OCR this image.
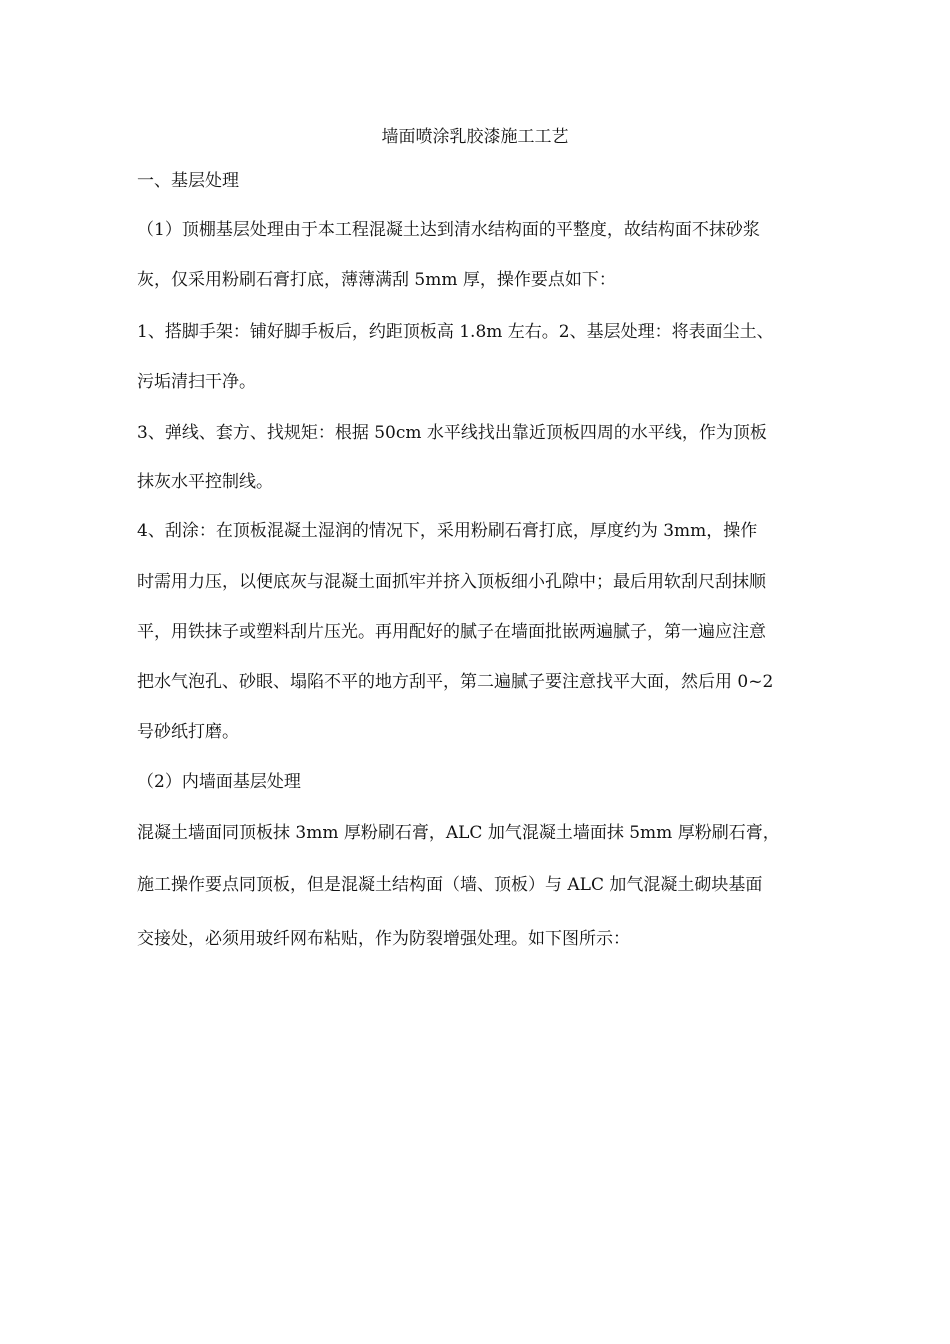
墙面喷涂乳胶漆施工工艺
一、基层处理
（1）顶棚基层处理由于本工程混凝土达到清水结构面的平整度，故结构面不抹砂浆
灰，仅采用粉刷石膏打底，薄薄满刮 5mm 厚，操作要点如下：
1、搭脚手架：铺好脚手板后，约距顶板高 1.8m 左右。2、基层处理：将表面尘土、
污垢清扫干净。
3、弹线、套方、找规矩：根据 50cm 水平线找出靠近顶板四周的水平线，作为顶板
抹灰水平控制线。
4、刮涂：在顶板混凝土湿润的情况下，采用粉刷石膏打底，厚度约为 3mm，操作
时需用力压，以便底灰与混凝土面抓牢并挤入顶板细小孔隙中；最后用软刮尺刮抹顺
平，用铁抹子或塑料刮片压光。再用配好的腻子在墙面批嵌两遍腻子，第一遍应注意
把水气泡孔、砂眼、塌陷不平的地方刮平，第二遍腻子要注意找平大面，然后用 0~2
号砂纸打磨。
（2）内墙面基层处理
混凝土墙面同顶板抹 3mm 厚粉刷石膏，ALC 加气混凝土墙面抹 5mm 厚粉刷石膏，
施工操作要点同顶板，但是混凝土结构面（墙、顶板）与 ALC 加气混凝土砌块基面
交接处，必须用玻纤网布粘贴，作为防裂增强处理。如下图所示：
